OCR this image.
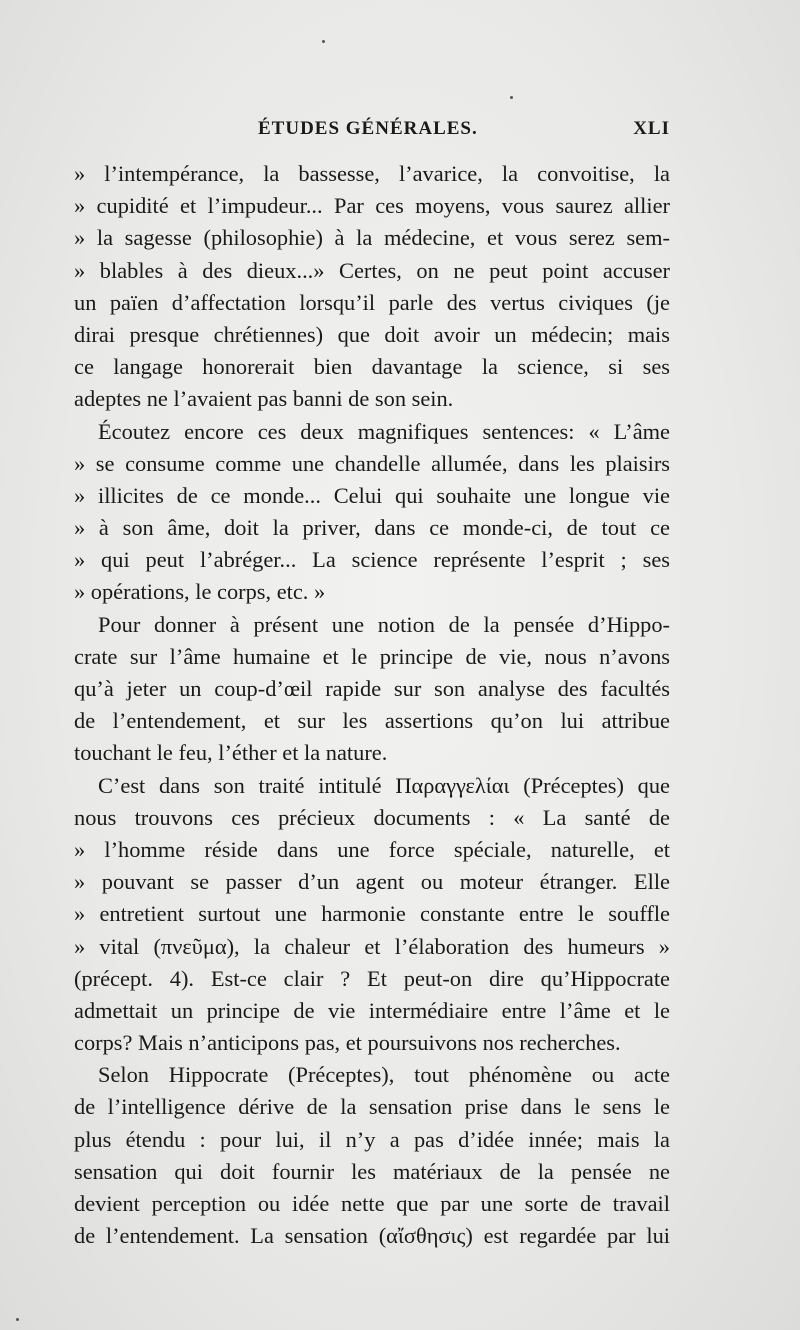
ÉTUDES GÉNÉRALES.	XLI
» l’intempérance, la bassesse, l’avarice, la convoitise, la
» cupidité et l’impudeur... Par ces moyens, vous saurez allier
» la sagesse (philosophie) à la médecine, et vous serez sem-
» blables à des dieux...» Certes, on ne peut point accuser
un païen d’affectation lorsqu’il parle des vertus civiques (je
dirai presque chrétiennes) que doit avoir un médecin; mais
ce langage honorerait bien davantage la science, si ses
adeptes ne l’avaient pas banni de son sein.
Écoutez encore ces deux magnifiques sentences: « L’âme
» se consume comme une chandelle allumée, dans les plaisirs
» illicites de ce monde... Celui qui souhaite une longue vie
» à son âme, doit la priver, dans ce monde-ci, de tout ce
» qui peut l’abréger... La science représente l’esprit ; ses
» opérations, le corps, etc. »
Pour donner à présent une notion de la pensée d’Hippo-
crate sur l’âme humaine et le principe de vie, nous n’avons
qu’à jeter un coup-d’œil rapide sur son analyse des facultés
de l’entendement, et sur les assertions qu’on lui attribue
touchant le feu, l’éther et la nature.
C’est dans son traité intitulé Παραγγελίαι (Préceptes) que
nous trouvons ces précieux documents : « La santé de
» l’homme réside dans une force spéciale, naturelle, et
» pouvant se passer d’un agent ou moteur étranger. Elle
» entretient surtout une harmonie constante entre le souffle
» vital (πνεῦμα), la chaleur et l’élaboration des humeurs »
(précept. 4). Est-ce clair ? Et peut-on dire qu’Hippocrate
admettait un principe de vie intermédiaire entre l’âme et le
corps? Mais n’anticipons pas, et poursuivons nos recherches.
Selon Hippocrate (Préceptes), tout phénomène ou acte
de l’intelligence dérive de la sensation prise dans le sens le
plus étendu : pour lui, il n’y a pas d’idée innée; mais la
sensation qui doit fournir les matériaux de la pensée ne
devient perception ou idée nette que par une sorte de travail
de l’entendement. La sensation (αἴσθησις) est regardée par lui
